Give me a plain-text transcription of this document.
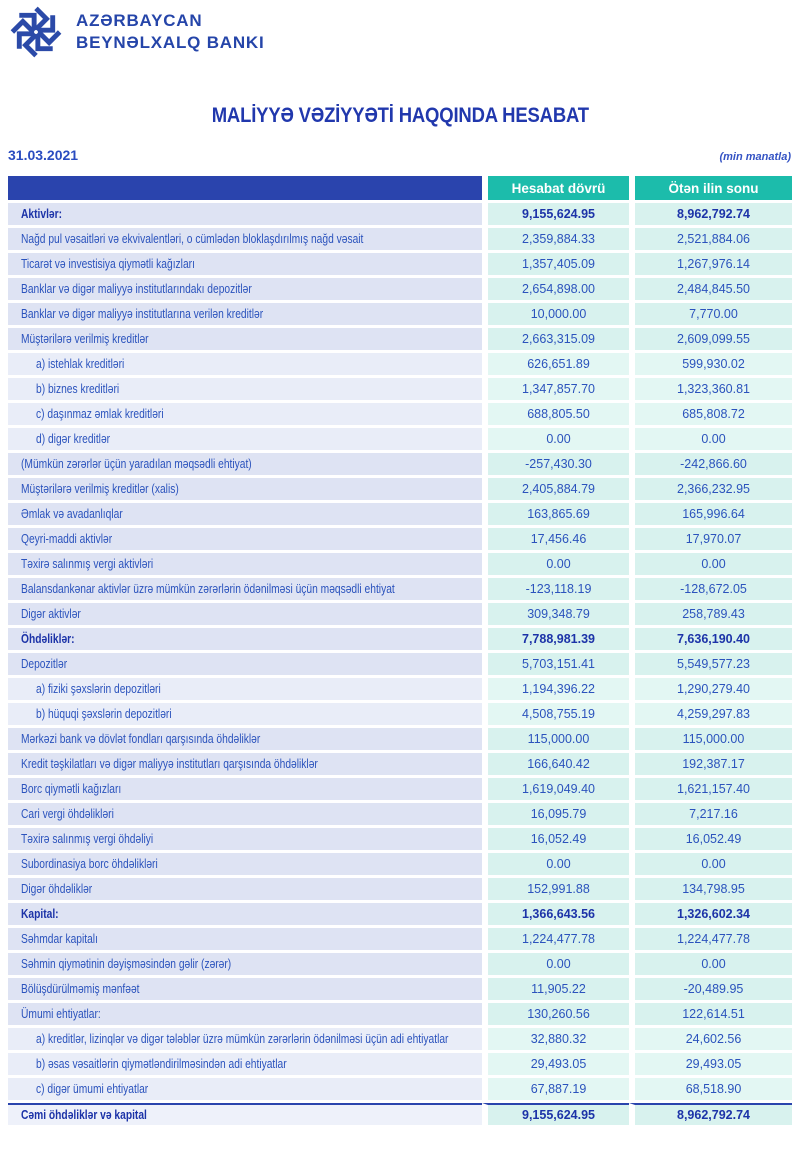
AZƏRBAYCAN
BEYNƏLXALQ BANKI
MALİYYƏ VƏZİYYƏTİ HAQQINDA HESABAT
31.03.2021	(min manatla)
	Hesabat dövrü	Ötən ilin sonu
Aktivlər:	9,155,624.95	8,962,792.74
Nağd pul vəsaitləri və ekvivalentləri, o cümlədən bloklaşdırılmış nağd vəsait	2,359,884.33	2,521,884.06
Ticarət və investisiya qiymətli kağızları	1,357,405.09	1,267,976.14
Banklar və digər maliyyə institutlarındakı depozitlər	2,654,898.00	2,484,845.50
Banklar və digər maliyyə institutlarına verilən kreditlər	10,000.00	7,770.00
Müştərilərə verilmiş kreditlər	2,663,315.09	2,609,099.55
a) istehlak kreditləri	626,651.89	599,930.02
b) biznes kreditləri	1,347,857.70	1,323,360.81
c) daşınmaz əmlak kreditləri	688,805.50	685,808.72
d) digər kreditlər	0.00	0.00
(Mümkün zərərlər üçün yaradılan məqsədli ehtiyat)	-257,430.30	-242,866.60
Müştərilərə verilmiş kreditlər (xalis)	2,405,884.79	2,366,232.95
Əmlak və avadanlıqlar	163,865.69	165,996.64
Qeyri-maddi aktivlər	17,456.46	17,970.07
Təxirə salınmış vergi aktivləri	0.00	0.00
Balansdankənar aktivlər üzrə mümkün zərərlərin ödənilməsi üçün məqsədli ehtiyat	-123,118.19	-128,672.05
Digər aktivlər	309,348.79	258,789.43
Öhdəliklər:	7,788,981.39	7,636,190.40
Depozitlər	5,703,151.41	5,549,577.23
a) fiziki şəxslərin depozitləri	1,194,396.22	1,290,279.40
b) hüquqi şəxslərin depozitləri	4,508,755.19	4,259,297.83
Mərkəzi bank və dövlət fondları qarşısında öhdəliklər	115,000.00	115,000.00
Kredit təşkilatları və digər maliyyə institutları qarşısında öhdəliklər	166,640.42	192,387.17
Borc qiymətli kağızları	1,619,049.40	1,621,157.40
Cari vergi öhdəlikləri	16,095.79	7,217.16
Təxirə salınmış vergi öhdəliyi	16,052.49	16,052.49
Subordinasiya borc öhdəlikləri	0.00	0.00
Digər öhdəliklər	152,991.88	134,798.95
Kapital:	1,366,643.56	1,326,602.34
Səhmdar kapitalı	1,224,477.78	1,224,477.78
Səhmin qiymətinin dəyişməsindən gəlir (zərər)	0.00	0.00
Bölüşdürülməmiş mənfəət	11,905.22	-20,489.95
Ümumi ehtiyatlar:	130,260.56	122,614.51
a) kreditlər, lizinqlər və digər tələblər üzrə mümkün zərərlərin ödənilməsi üçün adi ehtiyatlar	32,880.32	24,602.56
b) əsas vəsaitlərin qiymətləndirilməsindən adi ehtiyatlar	29,493.05	29,493.05
c) digər ümumi ehtiyatlar	67,887.19	68,518.90
Cəmi öhdəliklər və kapital	9,155,624.95	8,962,792.74
